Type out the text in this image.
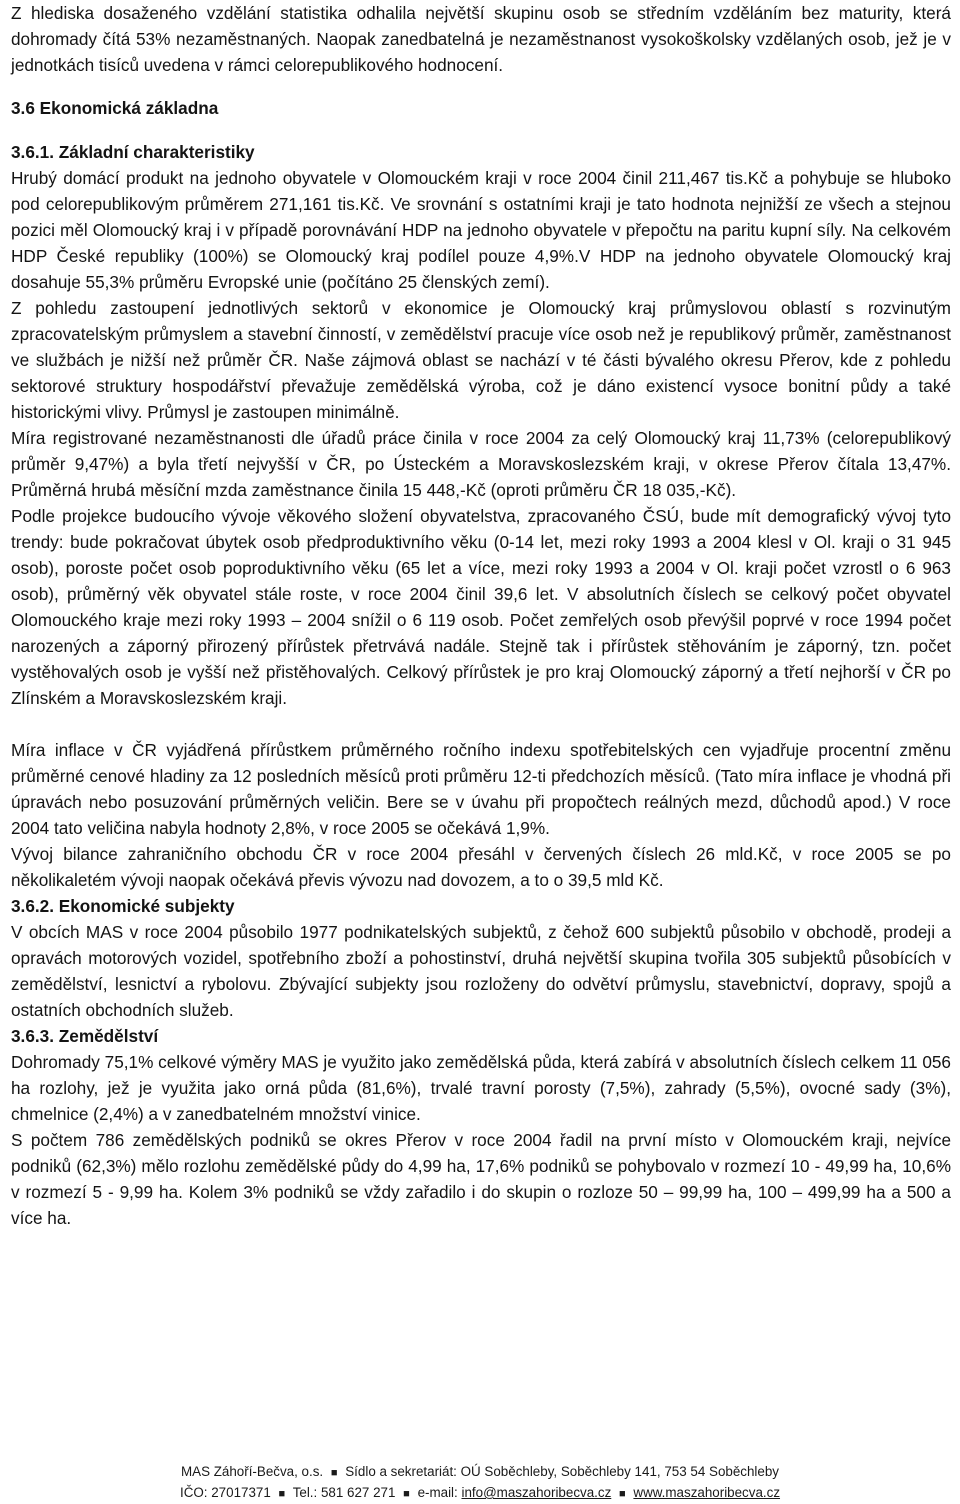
Z hlediska dosaženého vzdělání statistika odhalila největší skupinu osob se středním vzděláním bez maturity, která dohromady čítá 53% nezaměstnaných. Naopak zanedbatelná je nezaměstnanost vysokoškolsky vzdělaných osob, jež je v jednotkách tisíců uvedena v rámci celorepublikového hodnocení.

3.6 Ekonomická základna
3.6.1. Základní charakteristiky

Hrubý domácí produkt na jednoho obyvatele v Olomouckém kraji v roce 2004 činil 211,467 tis.Kč a pohybuje se hluboko pod celorepublikovým průměrem 271,161 tis.Kč. Ve srovnání s ostatními kraji je tato hodnota nejnižší ze všech a stejnou pozici měl Olomoucký kraj i v případě porovnávání HDP na jednoho obyvatele v přepočtu na paritu kupní síly. Na celkovém HDP České republiky (100%) se Olomoucký kraj podílel pouze 4,9%.V HDP na jednoho obyvatele Olomoucký kraj dosahuje 55,3% průměru Evropské unie (počítáno 25 členských zemí).

Z pohledu zastoupení jednotlivých sektorů v ekonomice je Olomoucký kraj průmyslovou oblastí s rozvinutým zpracovatelským průmyslem a stavební činností, v zemědělství pracuje více osob než je republikový průměr, zaměstnanost ve službách je nižší než průměr ČR. Naše zájmová oblast se nachází v té části bývalého okresu Přerov, kde z pohledu sektorové struktury hospodářství převažuje zemědělská výroba, což je dáno existencí vysoce bonitní půdy a také historickými vlivy. Průmysl je zastoupen minimálně.

Míra registrované nezaměstnanosti dle úřadů práce činila v roce 2004 za celý Olomoucký kraj 11,73% (celorepublikový průměr 9,47%) a byla třetí nejvyšší v ČR, po Ústeckém a Moravskoslezském kraji, v okrese Přerov čítala 13,47%. Průměrná hrubá měsíční mzda zaměstnance činila 15 448,-Kč (oproti průměru ČR 18 035,-Kč).

Podle projekce budoucího vývoje věkového složení obyvatelstva, zpracovaného ČSÚ, bude mít demografický vývoj tyto trendy: bude pokračovat úbytek osob předproduktivního věku (0-14 let, mezi roky 1993 a 2004 klesl v Ol. kraji o 31 945 osob), poroste počet osob poproduktivního věku (65 let a více, mezi roky 1993 a 2004 v Ol. kraji počet vzrostl o 6 963 osob), průměrný věk obyvatel stále roste, v roce 2004 činil 39,6 let. V absolutních číslech se celkový počet obyvatel Olomouckého kraje mezi roky 1993 – 2004 snížil o 6 119 osob. Počet zemřelých osob převýšil poprvé v roce 1994 počet narozených a záporný přirozený přírůstek přetrvává nadále. Stejně tak i přírůstek stěhováním je záporný, tzn. počet vystěhovalých osob je vyšší než přistěhovalých. Celkový přírůstek je pro kraj Olomoucký záporný a třetí nejhorší v ČR po Zlínském a Moravskoslezském kraji.

Míra inflace v ČR vyjádřená přírůstkem průměrného ročního indexu spotřebitelských cen vyjadřuje procentní změnu průměrné cenové hladiny za 12 posledních měsíců proti průměru 12-ti předchozích měsíců. (Tato míra inflace je vhodná při úpravách nebo posuzování průměrných veličin. Bere se v úvahu při propočtech reálných mezd, důchodů apod.) V roce 2004 tato veličina nabyla hodnoty 2,8%, v roce 2005 se očekává 1,9%.

Vývoj bilance zahraničního obchodu ČR v roce 2004 přesáhl v červených číslech 26 mld.Kč, v roce 2005 se po několikaletém vývoji naopak očekává převis vývozu nad dovozem, a to o 39,5 mld Kč.

3.6.2. Ekonomické subjekty

V obcích MAS v roce 2004 působilo 1977 podnikatelských subjektů, z čehož 600 subjektů působilo v obchodě, prodeji a opravách motorových vozidel, spotřebního zboží a pohostinství, druhá největší skupina tvořila 305 subjektů působících v zemědělství, lesnictví a rybolovu. Zbývající subjekty jsou rozloženy do odvětví průmyslu, stavebnictví, dopravy, spojů a ostatních obchodních služeb.

3.6.3. Zemědělství

Dohromady 75,1% celkové výměry MAS je využito jako zemědělská půda, která zabírá v absolutních číslech celkem 11 056 ha rozlohy, jež je využita jako orná půda (81,6%), trvalé travní porosty (7,5%), zahrady (5,5%), ovocné sady (3%), chmelnice (2,4%) a v zanedbatelném množství vinice.

S počtem 786 zemědělských podniků se okres Přerov v roce 2004 řadil na první místo v Olomouckém kraji, nejvíce podniků (62,3%) mělo rozlohu zemědělské půdy do 4,99 ha, 17,6% podniků se pohybovalo v rozmezí 10 - 49,99 ha, 10,6% v rozmezí 5 - 9,99 ha. Kolem 3% podniků se vždy zařadilo i do skupin o rozloze 50 – 99,99 ha, 100 – 499,99 ha a 500 a více ha.

MAS Záhoří-Bečva, o.s. ■ Sídlo a sekretariát: OÚ Soběchleby, Soběchleby 141, 753 54 Soběchleby
IČO: 27017371 ■ Tel.: 581 627 271 ■ e-mail: info@maszahoribecva.cz ■ www.maszahoribecva.cz
